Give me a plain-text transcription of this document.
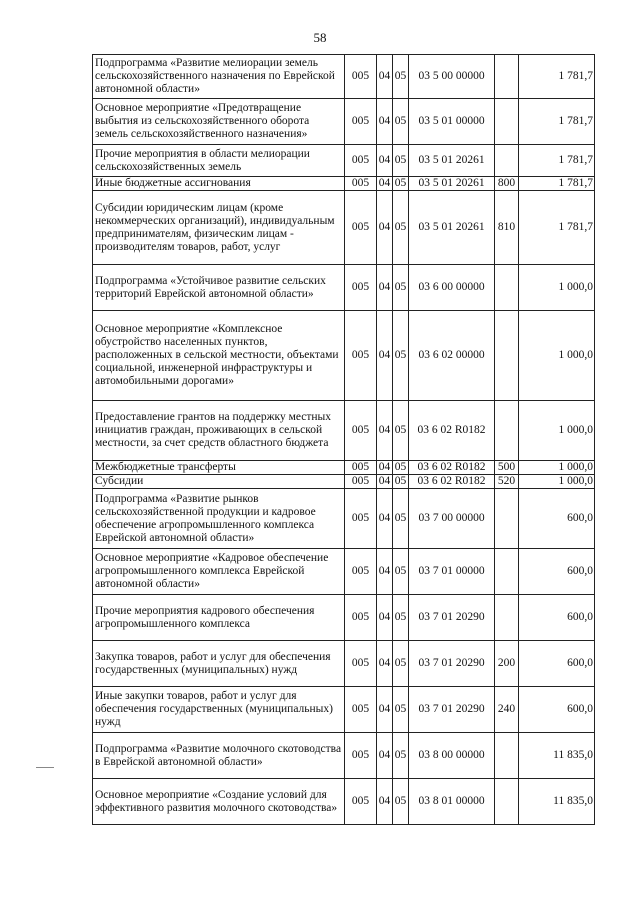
58
Подпрограмма «Развитие мелиорации земель сельскохозяйственного назначения по Еврейской автономной области»	005	04	05	03 5 00 00000		1 781,7
Основное мероприятие «Предотвращение выбытия из сельскохозяйственного оборота земель сельскохозяйственного назначения»	005	04	05	03 5 01 00000		1 781,7
Прочие мероприятия в области мелиорации сельскохозяйственных земель	005	04	05	03 5 01 20261		1 781,7
Иные бюджетные ассигнования	005	04	05	03 5 01 20261	800	1 781,7
Субсидии юридическим лицам (кроме некоммерческих организаций), индивидуальным предпринимателям, физическим лицам - производителям товаров, работ, услуг	005	04	05	03 5 01 20261	810	1 781,7
Подпрограмма «Устойчивое развитие сельских территорий Еврейской автономной области»	005	04	05	03 6 00 00000		1 000,0
Основное мероприятие «Комплексное обустройство населенных пунктов, расположенных в сельской местности, объектами социальной, инженерной инфраструктуры и автомобильными дорогами»	005	04	05	03 6 02 00000		1 000,0
Предоставление грантов на поддержку местных инициатив граждан, проживающих в сельской местности, за счет средств областного бюджета	005	04	05	03 6 02 R0182		1 000,0
Межбюджетные трансферты	005	04	05	03 6 02 R0182	500	1 000,0
Субсидии	005	04	05	03 6 02 R0182	520	1 000,0
Подпрограмма «Развитие рынков сельскохозяйственной продукции и кадровое обеспечение агропромышленного комплекса Еврейской автономной области»	005	04	05	03 7 00 00000		600,0
Основное мероприятие «Кадровое обеспечение агропромышленного комплекса Еврейской автономной области»	005	04	05	03 7 01 00000		600,0
Прочие мероприятия кадрового обеспечения агропромышленного комплекса	005	04	05	03 7 01 20290		600,0
Закупка товаров, работ и услуг для обеспечения государственных (муниципальных) нужд	005	04	05	03 7 01 20290	200	600,0
Иные закупки товаров, работ и услуг для обеспечения государственных (муниципальных) нужд	005	04	05	03 7 01 20290	240	600,0
Подпрограмма «Развитие молочного скотоводства в Еврейской автономной области»	005	04	05	03 8 00 00000		11 835,0
Основное мероприятие «Создание условий для эффективного развития молочного скотоводства»	005	04	05	03 8 01 00000		11 835,0
